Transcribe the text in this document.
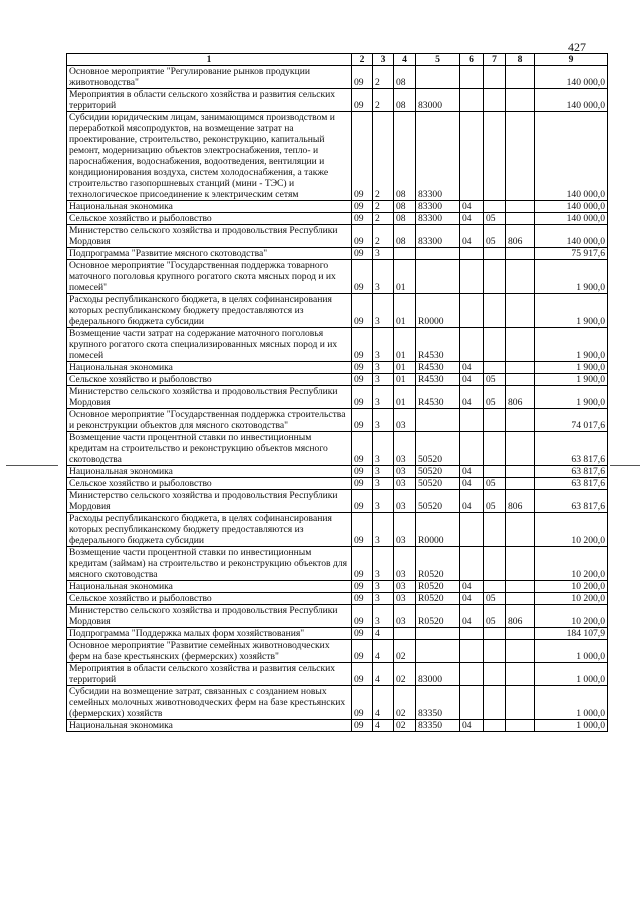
427
1	2	3	4	5	6	7	8	9
Основное мероприятие "Регулирование рынков продукции животноводства"	09	2	08					140 000,0
Мероприятия в области сельского хозяйства и развития сельских территорий	09	2	08	83000				140 000,0
Субсидии юридическим лицам, занимающимся производством и переработкой мясопродуктов, на возмещение затрат на проектирование, строительство, реконструкцию, капитальный ремонт, модернизацию объектов электроснабжения, тепло- и пароснабжения, водоснабжения, водоотведения, вентиляции и кондиционирования воздуха, систем холодоснабжения, а также строительство газопоршневых станций (мини - ТЭС) и технологическое присоединение к электрическим сетям	09	2	08	83300				140 000,0
Национальная экономика	09	2	08	83300	04			140 000,0
Сельское хозяйство и рыболовство	09	2	08	83300	04	05		140 000,0
Министерство сельского хозяйства и продовольствия Республики Мордовия	09	2	08	83300	04	05	806	140 000,0
Подпрограмма "Развитие мясного скотоводства"	09	3						75 917,6
Основное мероприятие "Государственная поддержка товарного маточного поголовья крупного рогатого скота мясных пород и их помесей"	09	3	01					1 900,0
Расходы республиканского бюджета, в целях софинансирования которых республиканскому бюджету предоставляются из федерального бюджета субсидии	09	3	01	R0000				1 900,0
Возмещение части затрат на содержание маточного поголовья крупного рогатого скота специализированных мясных пород и их помесей	09	3	01	R4530				1 900,0
Национальная экономика	09	3	01	R4530	04			1 900,0
Сельское хозяйство и рыболовство	09	3	01	R4530	04	05		1 900,0
Министерство сельского хозяйства и продовольствия Республики Мордовия	09	3	01	R4530	04	05	806	1 900,0
Основное мероприятие "Государственная поддержка строительства и реконструкции объектов для мясного скотоводства"	09	3	03					74 017,6
Возмещение части процентной ставки по инвестиционным кредитам на строительство и реконструкцию объектов мясного скотоводства	09	3	03	50520				63 817,6
Национальная экономика	09	3	03	50520	04			63 817,6
Сельское хозяйство и рыболовство	09	3	03	50520	04	05		63 817,6
Министерство сельского хозяйства и продовольствия Республики Мордовия	09	3	03	50520	04	05	806	63 817,6
Расходы республиканского бюджета, в целях софинансирования которых республиканскому бюджету предоставляются из федерального бюджета субсидии	09	3	03	R0000				10 200,0
Возмещение части процентной ставки по инвестиционным кредитам (займам) на строительство и реконструкцию объектов для мясного скотоводства	09	3	03	R0520				10 200,0
Национальная экономика	09	3	03	R0520	04			10 200,0
Сельское хозяйство и рыболовство	09	3	03	R0520	04	05		10 200,0
Министерство сельского хозяйства и продовольствия Республики Мордовия	09	3	03	R0520	04	05	806	10 200,0
Подпрограмма "Поддержка малых форм хозяйствования"	09	4						184 107,9
Основное мероприятие "Развитие семейных животноводческих ферм на базе крестьянских (фермерских) хозяйств"	09	4	02					1 000,0
Мероприятия в области сельского хозяйства и развития сельских территорий	09	4	02	83000				1 000,0
Субсидии на возмещение затрат, связанных с созданием новых семейных молочных животноводческих ферм на базе крестьянских (фермерских) хозяйств	09	4	02	83350				1 000,0
Национальная экономика	09	4	02	83350	04			1 000,0
